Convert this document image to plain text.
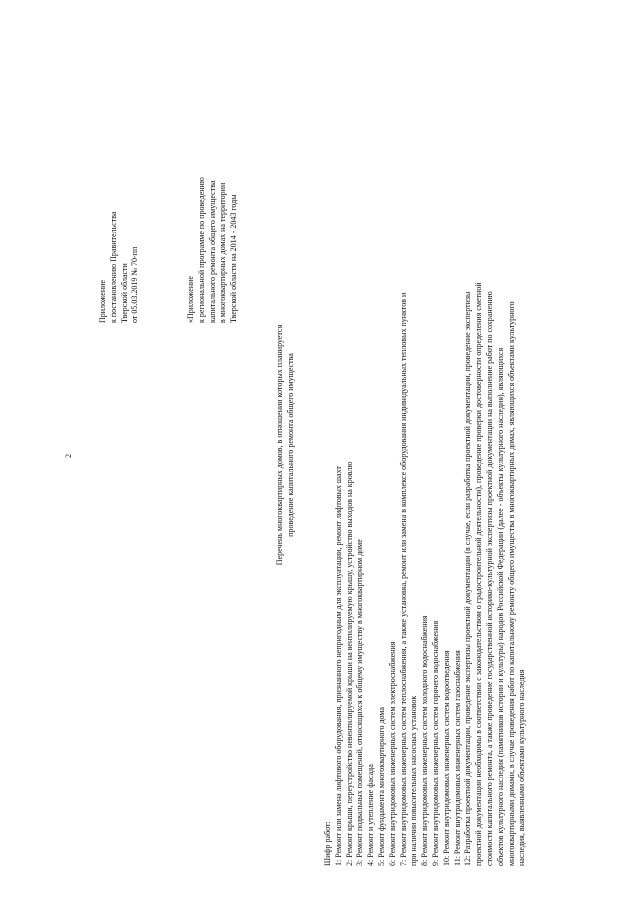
2
Приложение к постановлению Правительства Тверской области от 05.03.2019 № 70-пп	«Приложение к региональной программе по проведению капитального ремонта общего имущества в многоквартирных домах на территории Тверской области на 2014 - 2043 годы
Перечень многоквартирных домов, в отношении которых планируется проведение капитального ремонта общего имущества
Шифр работ: 1: Ремонт или замена лифтового оборудования, признанного непригодным для эксплуатации, ремонт лифтовых шахт 2: Ремонт крыши, переустройство невентилируемой крыши на вентилируемую крышу, устройство выходов на кровлю 3: Ремонт подвальных помещений, относящихся к общему имуществу в многоквартирном доме 4: Ремонт и утепление фасада 5: Ремонт фундамента многоквартирного дома 6: Ремонт внутридомовых инженерных систем электроснабжения 7: Ремонт внутридомовых инженерных систем теплоснабжения, а также установка, ремонт или замена в комплексе оборудования индивидуальных тепловых пунктов и при наличии повысительных насосных установок 8: Ремонт внутридомовых инженерных систем холодного водоснабжения 9: Ремонт внутридомовых инженерных систем горячего водоснабжения 10: Ремонт внутридомовых инженерных систем водоотведения 11: Ремонт внутридомовых инженерных систем газоснабжения 12: Разработка проектной документации, проведение экспертизы проектной документации (в случае, если разработка проектной документации, проведение экспертизы проектной документации необходимы в соответствии с законодательством о градостроительной деятельности), проведение проверки достоверности определения сметной стоимости капитального ремонта, а также проведение государственной историко-культурной экспертизы проектной документации на выполнение работ по сохранению объектов культурного наследия (памятников истории и культуры) народов Российской Федерации (далее - объекты культурного наследия), являющихся многоквартирными домами, в случае проведения работ по капитальному ремонту общего имущества в многоквартирных домах, являющихся объектами культурного наследия, выявленными объектами культурного наследия
